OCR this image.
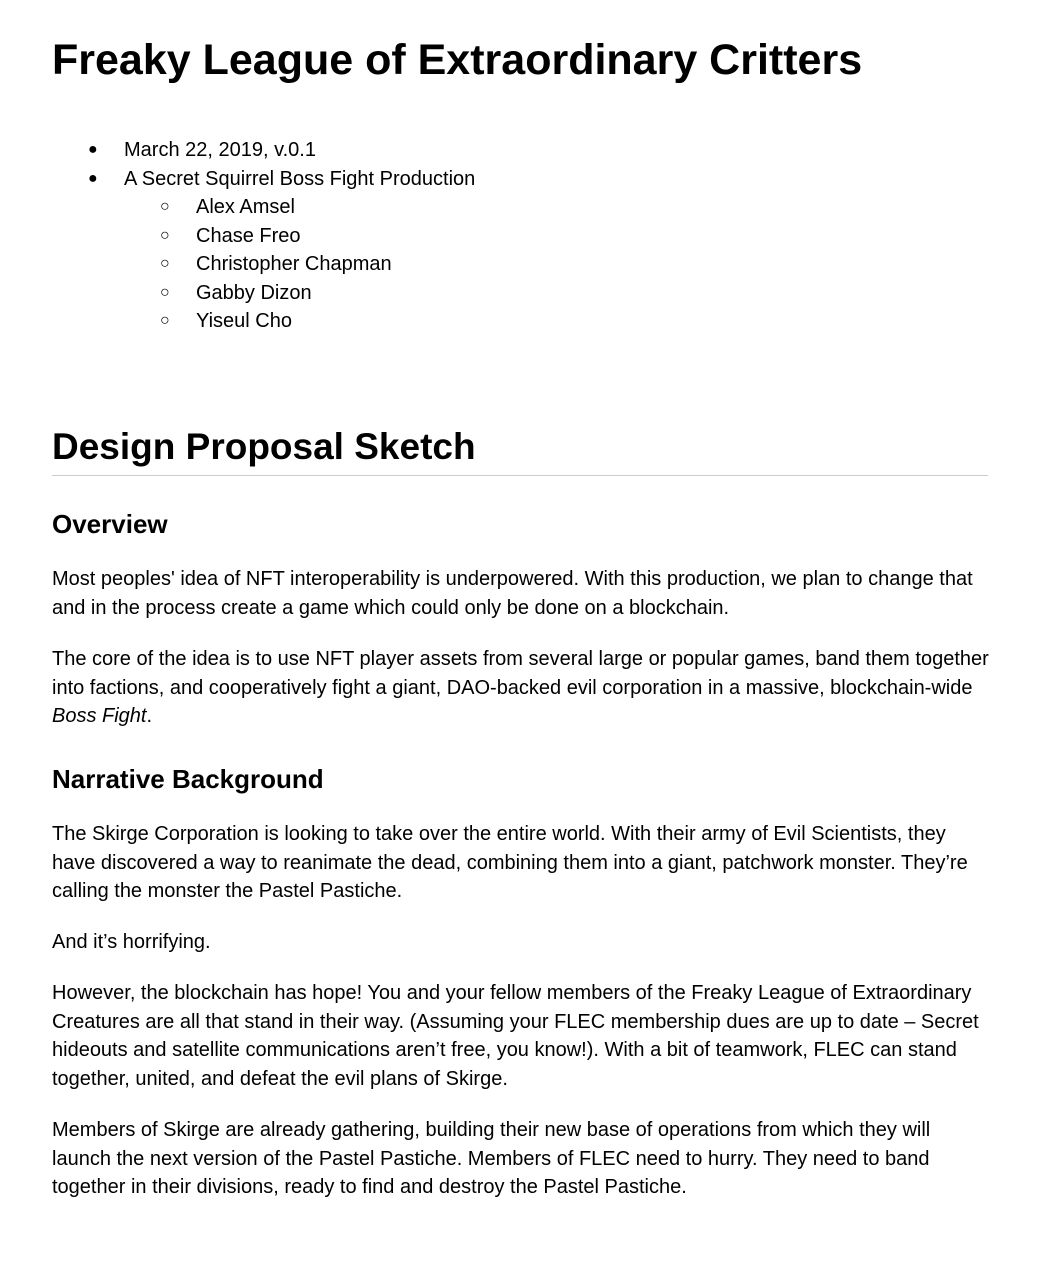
Freaky League of Extraordinary Critters
● March 22, 2019, v.0.1
● A Secret Squirrel Boss Fight Production
○ Alex Amsel
○ Chase Freo
○ Christopher Chapman
○ Gabby Dizon
○ Yiseul Cho
Design Proposal Sketch
Overview

Most peoples' idea of NFT interoperability is underpowered. With this production, we plan to change that and in the process create a game which could only be done on a blockchain.

The core of the idea is to use NFT player assets from several large or popular games, band them together into factions, and cooperatively fight a giant, DAO-backed evil corporation in a massive, blockchain-wide Boss Fight.

Narrative Background

The Skirge Corporation is looking to take over the entire world. With their army of Evil Scientists, they have discovered a way to reanimate the dead, combining them into a giant, patchwork monster. They’re calling the monster the Pastel Pastiche.

And it’s horrifying.

However, the blockchain has hope! You and your fellow members of the Freaky League of Extraordinary Creatures are all that stand in their way. (Assuming your FLEC membership dues are up to date – Secret hideouts and satellite communications aren’t free, you know!). With a bit of teamwork, FLEC can stand together, united, and defeat the evil plans of Skirge.

Members of Skirge are already gathering, building their new base of operations from which they will launch the next version of the Pastel Pastiche. Members of FLEC need to hurry. They need to band together in their divisions, ready to find and destroy the Pastel Pastiche.
